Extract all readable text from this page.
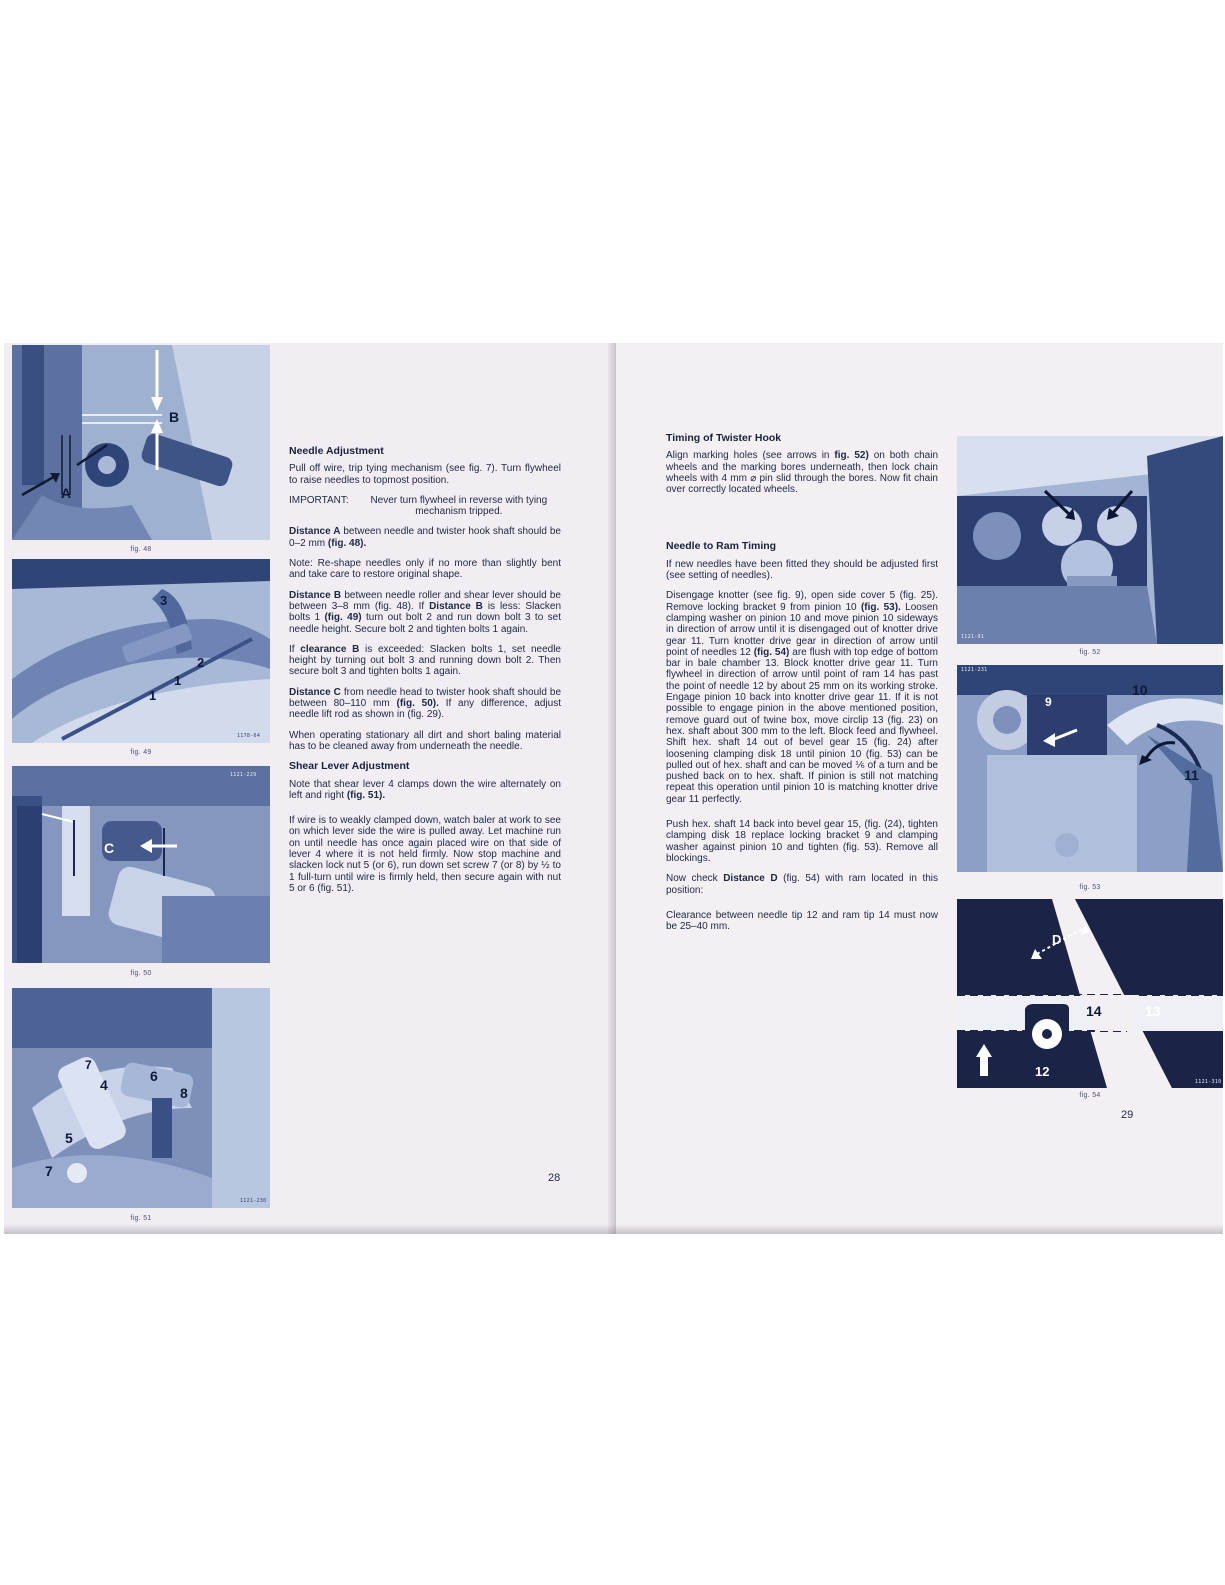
B
A
fig. 48
3
2
1
1
1178-64
fig. 49
C
1121-229
fig. 50
4
6
8
5
7
7
1121-230
fig. 51
Needle Adjustment

Pull off wire, trip tying mechanism (see fig. 7). Turn flywheel to raise needles to topmost position.

IMPORTANT:	Never turn flywheel in reverse with tying mechanism tripped.

Distance A between needle and twister hook shaft should be 0–2 mm (fig. 48).

Note: Re-shape needles only if no more than slightly bent and take care to restore original shape.

Distance B between needle roller and shear lever should be between 3–8 mm (fig. 48). If Distance B is less: Slacken bolts 1 (fig. 49) turn out bolt 2 and run down bolt 3 to set needle height. Secure bolt 2 and tighten bolts 1 again.

If clearance B is exceeded: Slacken bolts 1, set needle height by turning out bolt 3 and running down bolt 2. Then secure bolt 3 and tighten bolts 1 again.

Distance C from needle head to twister hook shaft should be between 80–110 mm (fig. 50). If any difference, adjust needle lift rod as shown in (fig. 29).

When operating stationary all dirt and short baling material has to be cleaned away from underneath the needle.

Shear Lever Adjustment

Note that shear lever 4 clamps down the wire alternately on left and right (fig. 51).

If wire is to weakly clamped down, watch baler at work to see on which lever side the wire is pulled away. Let machine run on until needle has once again placed wire on that side of lever 4 where it is not held firmly. Now stop machine and slacken lock nut 5 (or 6), run down set screw 7 (or 8) by ½ to 1 full-turn until wire is firmly held, then secure again with nut 5 or 6 (fig. 51).

28
Timing of Twister Hook

Align marking holes (see arrows in fig. 52) on both chain wheels and the marking bores underneath, then lock chain wheels with 4 mm ⌀ pin slid through the bores. Now fit chain over correctly located wheels.

Needle to Ram Timing

If new needles have been fitted they should be adjusted first (see setting of needles).

Disengage knotter (see fig. 9), open side cover 5 (fig. 25). Remove locking bracket 9 from pinion 10 (fig. 53). Loosen clamping washer on pinion 10 and move pinion 10 sideways in direction of arrow until it is disengaged out of knotter drive gear 11. Turn knotter drive gear in direction of arrow until point of needles 12 (fig. 54) are flush with top edge of bottom bar in bale chamber 13. Block knotter drive gear 11. Turn flywheel in direction of arrow until point of ram 14 has past the point of needle 12 by about 25 mm on its working stroke. Engage pinion 10 back into knotter drive gear 11. If it is not possible to engage pinion in the above mentioned position, remove guard out of twine box, move circlip 13 (fig. 23) on hex. shaft about 300 mm to the left. Block feed and flywheel. Shift hex. shaft 14 out of bevel gear 15 (fig. 24) after loosening clamping disk 18 until pinion 10 (fig. 53) can be pulled out of hex. shaft and can be moved ⅙ of a turn and be pushed back on to hex. shaft. If pinion is still not matching repeat this operation until pinion 10 is matching knotter drive gear 11 perfectly.

Push hex. shaft 14 back into bevel gear 15, (fig. (24), tighten clamping disk 18 replace locking bracket 9 and clamping washer against pinion 10 and tighten (fig. 53). Remove all blockings.

Now check Distance D (fig. 54) with ram located in this position:

Clearance between needle tip 12 and ram tip 14 must now be 25–40 mm.

1121-91
fig. 52
10
9
11
1121-231
fig. 53
D
14	13
12
1121-310
fig. 54
29
